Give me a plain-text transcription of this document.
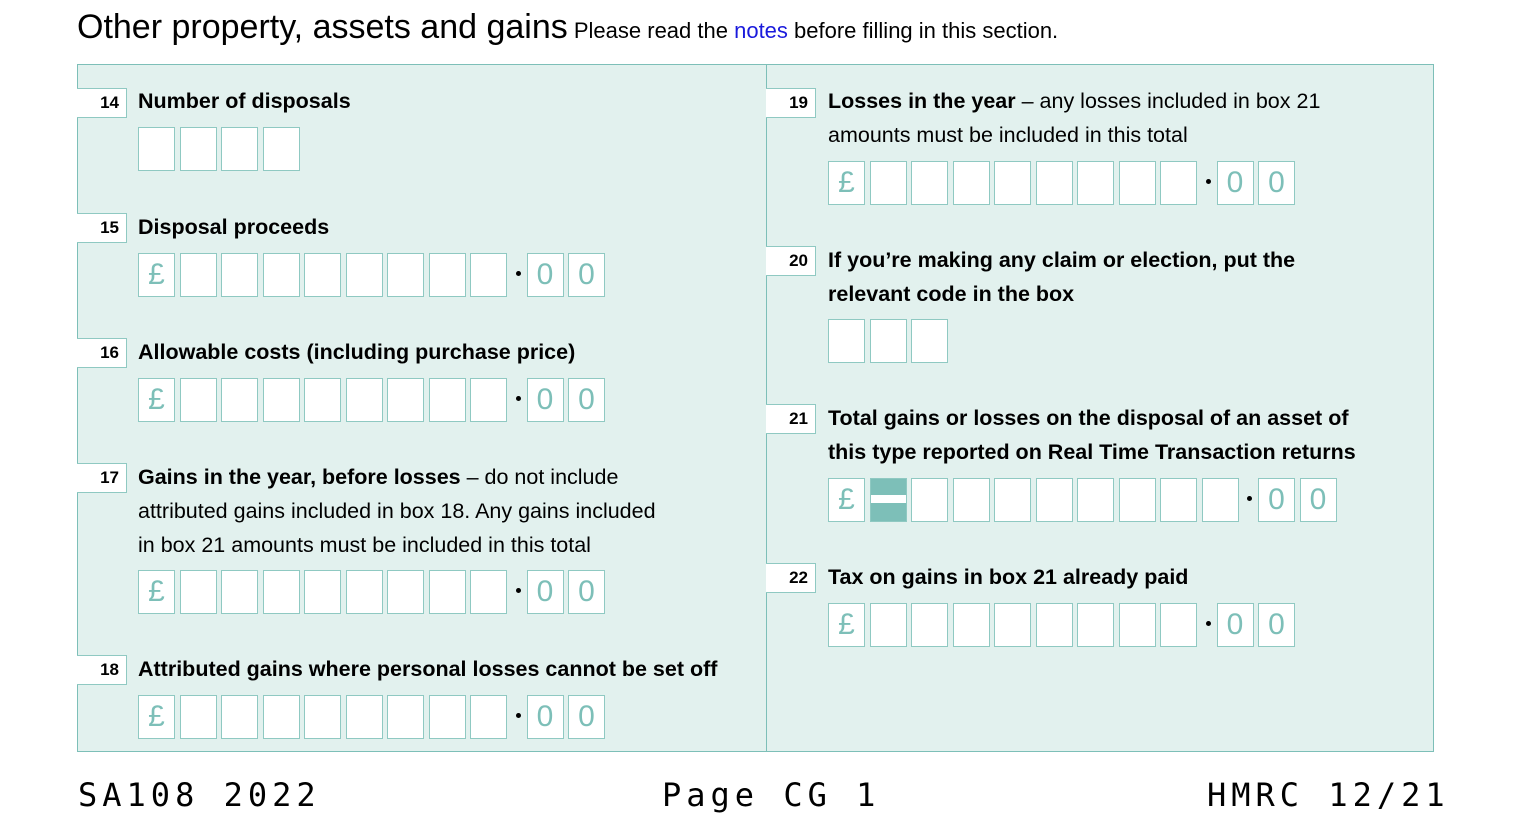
Other property, assets and gains Please read the notes before filling in this section.
14 Number of disposals
15 Disposal proceeds
£	0 0
16 Allowable costs (including purchase price)
£	0 0
17 Gains in the year, before losses – do not include
attributed gains included in box 18. Any gains included
in box 21 amounts must be included in this total
£	0 0
18 Attributed gains where personal losses cannot be set off
£	0 0
19 Losses in the year – any losses included in box 21
amounts must be included in this total
£	0 0
20 If you’re making any claim or election, put the
relevant code in the box
21 Total gains or losses on the disposal of an asset of
this type reported on Real Time Transaction returns
£	0 0
22 Tax on gains in box 21 already paid
£	0 0
SA108 2022	Page CG 1	HMRC 12/21
